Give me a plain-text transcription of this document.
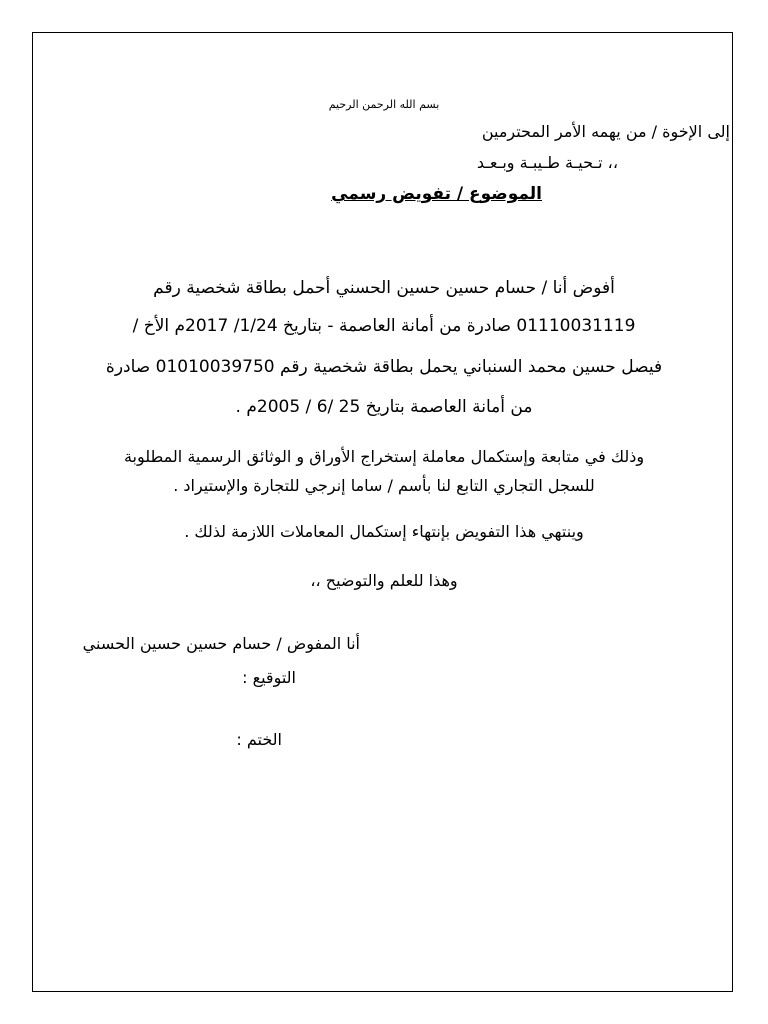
بسم الله الرحمن الرحيم
إلى الإخوة / من يهمه الأمر المحترمين
،، تـحيـة طـيبـة وبـعـد
الموضوع / تفويض رسمي
أفوض أنا / حسام حسين حسين الحسني أحمل بطاقة شخصية رقم
01110031119 صادرة من أمانة العاصمة - بتاريخ 1/24/ 2017م الأخ /
فيصل حسين محمد السنباني يحمل بطاقة شخصية رقم 01010039750 صادرة
من أمانة العاصمة بتاريخ 25 /6 / 2005م .
وذلك في متابعة وإستكمال معاملة إستخراج الأوراق و الوثائق الرسمية المطلوبة
للسجل التجاري التابع لنا بأسم / ساما إنرجي للتجارة والإستيراد .
وينتهي هذا التفويض بإنتهاء إستكمال المعاملات اللازمة لذلك .
وهذا للعلم والتوضيح ،،
أنا المفوض / حسام حسين حسين الحسني
التوقيع :
الختم :
